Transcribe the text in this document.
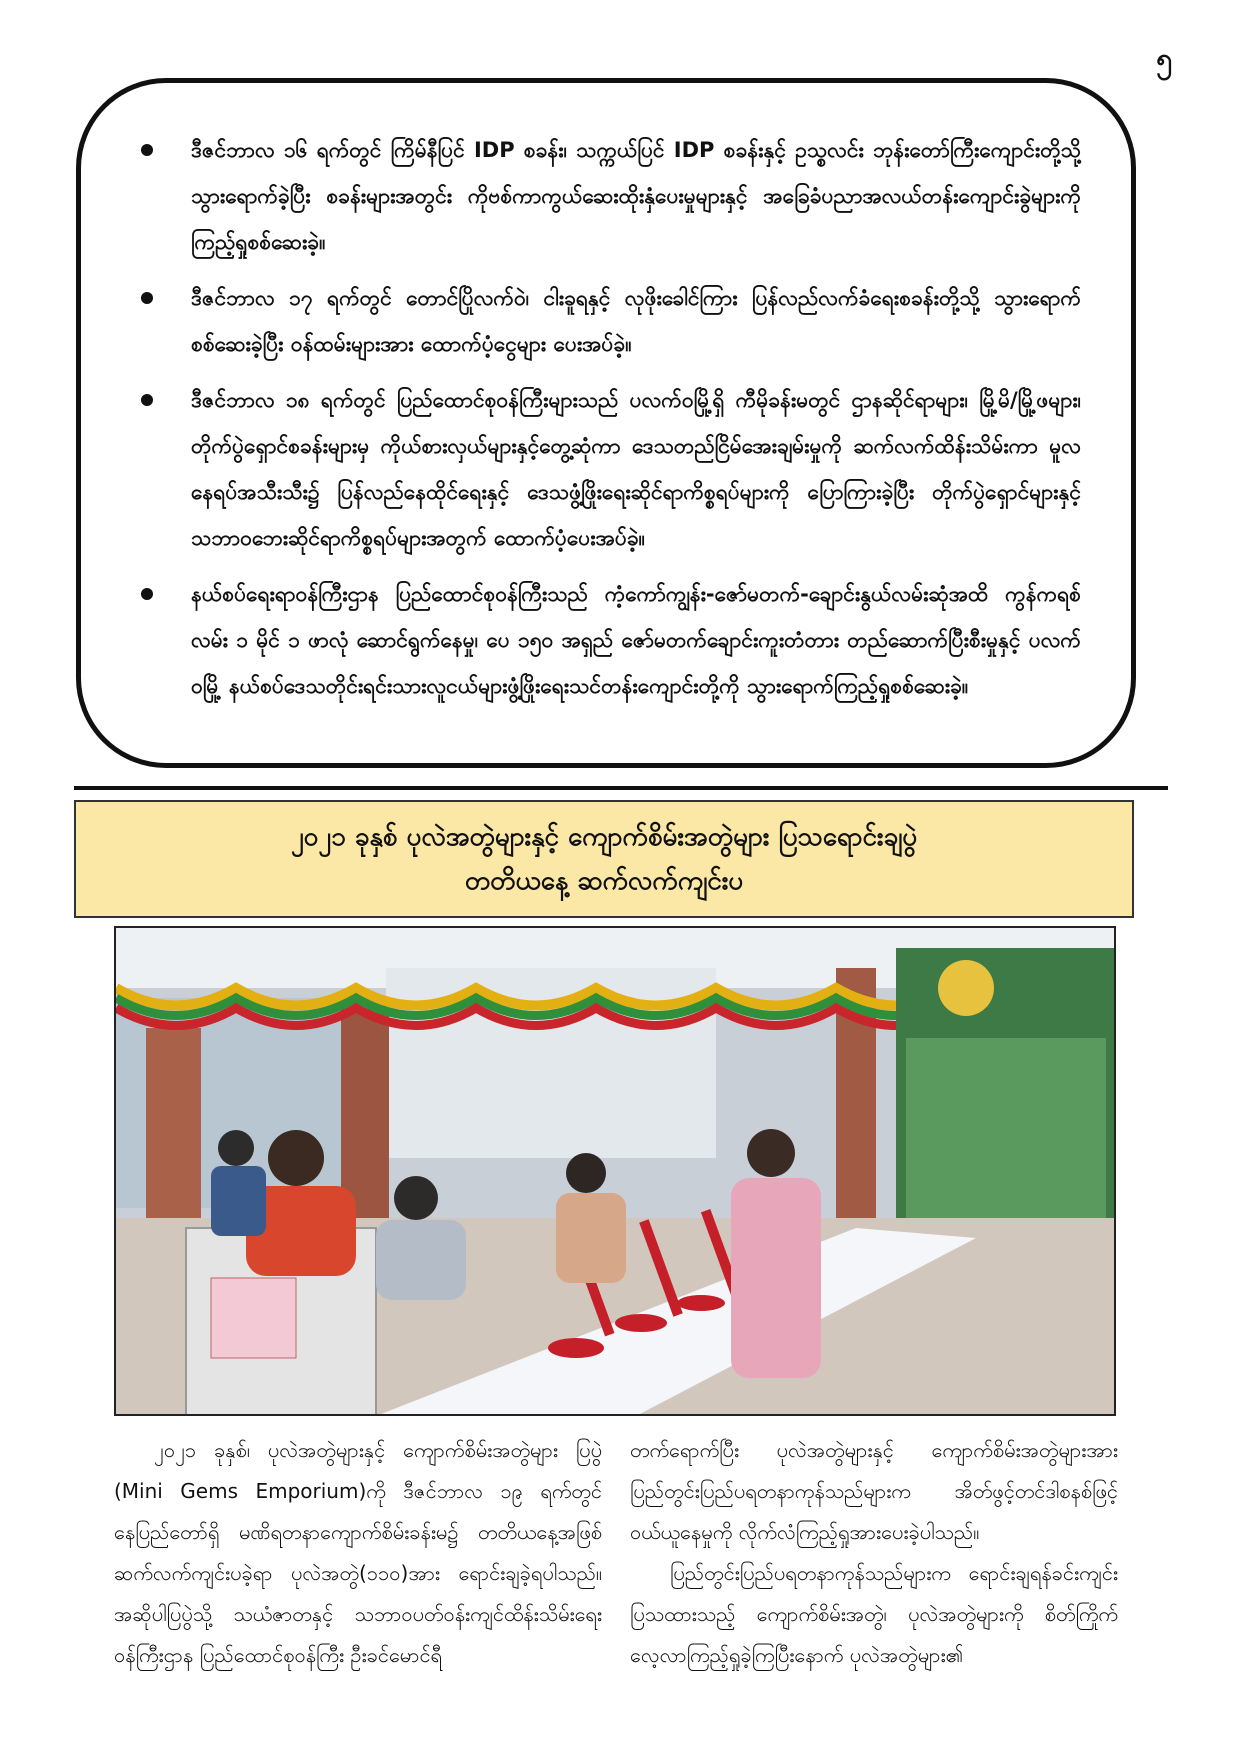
၅
ဒီဇင်ဘာလ ၁၆ ရက်တွင် ကြိမ်နီပြင် IDP စခန်း၊ သက္ကယ်ပြင် IDP စခန်းနှင့် ဥသ္စလင်း ဘုန်းတော်ကြီးကျောင်းတို့သို့ သွားရောက်ခဲ့ပြီး စခန်းများအတွင်း ကိုဗစ်ကာကွယ်ဆေးထိုးနှံပေးမှုများနှင့် အခြေခံပညာအလယ်တန်းကျောင်းခွဲများကို ကြည့်ရှုစစ်ဆေးခဲ့။
ဒီဇင်ဘာလ ၁၇ ရက်တွင် တောင်ပြိုလက်ဝဲ၊ ငါးခူရနှင့် လုဖိုးခေါင်ကြား ပြန်လည်လက်ခံရေးစခန်းတို့သို့ သွားရောက်စစ်ဆေးခဲ့ပြီး ဝန်ထမ်းများအား ထောက်ပံ့ငွေများ ပေးအပ်ခဲ့။
ဒီဇင်ဘာလ ၁၈ ရက်တွင် ပြည်ထောင်စုဝန်ကြီးများသည် ပလက်ဝမြို့ရှိ ကီမိုခန်းမတွင် ဌာနဆိုင်ရာများ၊ မြို့မိ/မြို့ဖများ၊ တိုက်ပွဲရှောင်စခန်းများမှ ကိုယ်စားလှယ်များနှင့်တွေ့ဆုံကာ ဒေသတည်ငြိမ်အေးချမ်းမှုကို ဆက်လက်ထိန်းသိမ်းကာ မူလနေရပ်အသီးသီး၌ ပြန်လည်နေထိုင်ရေးနှင့် ဒေသဖွံ့ဖြိုးရေးဆိုင်ရာကိစ္စရပ်များကို ပြောကြားခဲ့ပြီး တိုက်ပွဲရှောင်များနှင့် သဘာဝဘေးဆိုင်ရာကိစ္စရပ်များအတွက် ထောက်ပံ့ပေးအပ်ခဲ့။
နယ်စပ်ရေးရာဝန်ကြီးဌာန ပြည်ထောင်စုဝန်ကြီးသည် ကံ့ကော်ကျွန်း-ဇော်မတက်-ချောင်းနွယ်လမ်းဆုံအထိ ကွန်ကရစ်လမ်း ၁ မိုင် ၁ ဖာလုံ ဆောင်ရွက်နေမှု၊ ပေ ၁၅၀ အရှည် ဇော်မတက်ချောင်းကူးတံတား တည်ဆောက်ပြီးစီးမှုနှင့် ပလက်ဝမြို့ နယ်စပ်ဒေသတိုင်းရင်းသားလူငယ်များဖွံ့ဖြိုးရေးသင်တန်းကျောင်းတို့ကို သွားရောက်ကြည့်ရှုစစ်ဆေးခဲ့။
၂၀၂၁ ခုနှစ် ပုလဲအတွဲများနှင့် ကျောက်စိမ်းအတွဲများ ပြသရောင်းချပွဲ
တတိယနေ့ ဆက်လက်ကျင်းပ

၂၀၂၁ ခုနှစ်၊ ပုလဲအတွဲများနှင့် ကျောက်စိမ်းအတွဲများ ပြပွဲ (Mini Gems Emporium)ကို ဒီဇင်ဘာလ ၁၉ ရက်တွင် နေပြည်တော်ရှိ မဏိရတနာကျောက်စိမ်းခန်းမ၌ တတိယနေ့အဖြစ် ဆက်လက်ကျင်းပခဲ့ရာ ပုလဲအတွဲ(၁၁၀)အား ရောင်းချခဲ့ရပါသည်။ အဆိုပါပြပွဲသို့ သယံဇာတနှင့် သဘာဝပတ်ဝန်းကျင်ထိန်းသိမ်းရေးဝန်ကြီးဌာန ပြည်ထောင်စုဝန်ကြီး ဦးခင်မောင်ရီ

တက်ရောက်ပြီး ပုလဲအတွဲများနှင့် ကျောက်စိမ်းအတွဲများအား ပြည်တွင်းပြည်ပရတနာကုန်သည်များက အိတ်ဖွင့်တင်ဒါစနစ်ဖြင့် ဝယ်ယူနေမှုကို လိုက်လံကြည့်ရှုအားပေးခဲ့ပါသည်။

ပြည်တွင်းပြည်ပရတနာကုန်သည်များက ရောင်းချရန်ခင်းကျင်းပြသထားသည့် ကျောက်စိမ်းအတွဲ၊ ပုလဲအတွဲများကို စိတ်ကြိုက်လေ့လာကြည့်ရှုခဲ့ကြပြီးနောက် ပုလဲအတွဲများ၏
